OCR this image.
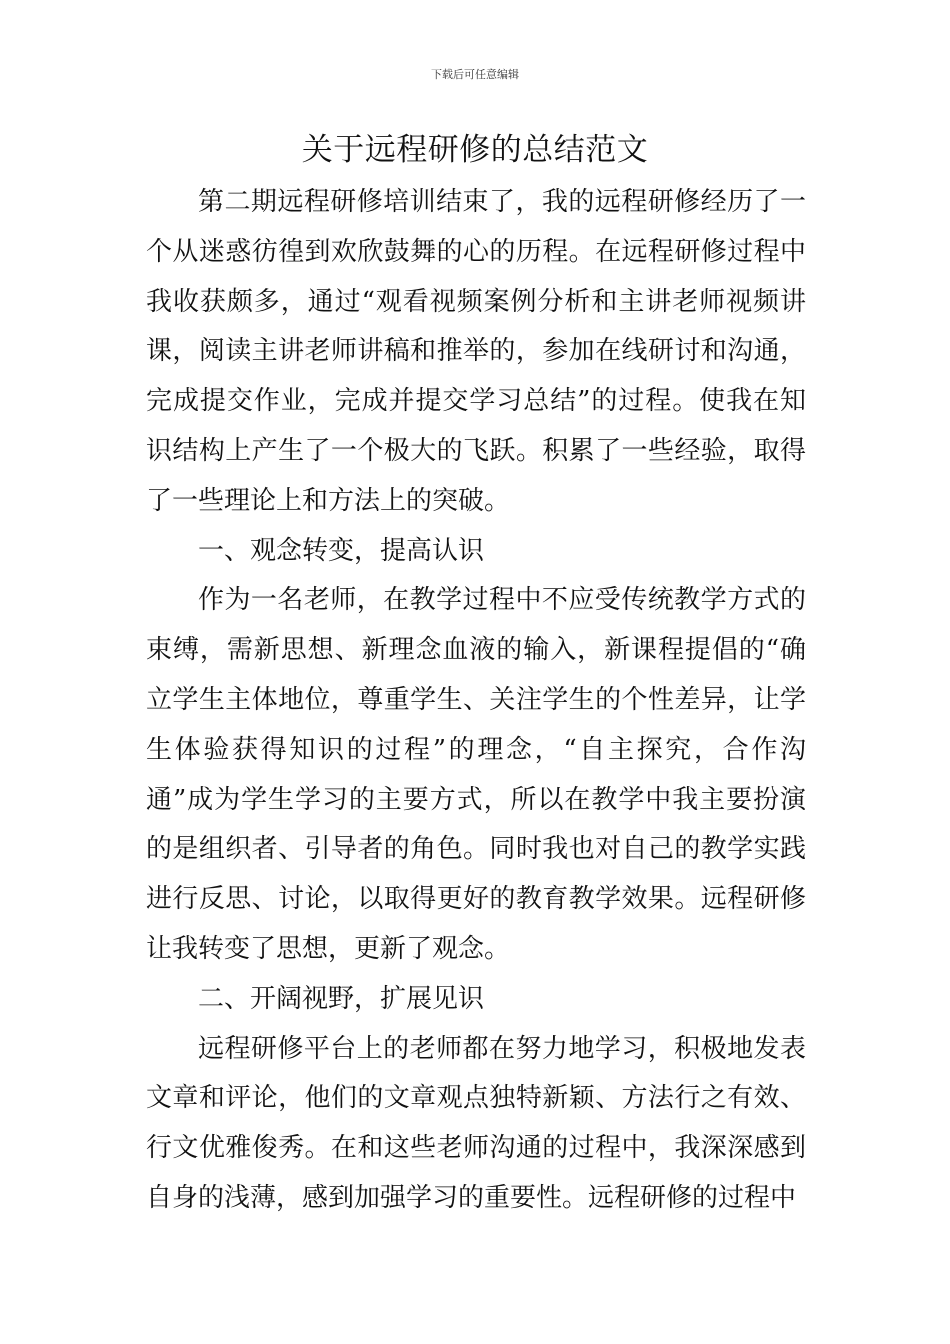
下载后可任意编辑
关于远程研修的总结范文

第二期远程研修培训结束了，我的远程研修经历了一个从迷惑彷徨到欢欣鼓舞的心的历程。在远程研修过程中我收获颇多，通过“观看视频案例分析和主讲老师视频讲课，阅读主讲老师讲稿和推举的，参加在线研讨和沟通，完成提交作业，完成并提交学习总结”的过程。使我在知识结构上产生了一个极大的飞跃。积累了一些经验，取得了一些理论上和方法上的突破。

一、观念转变，提高认识

作为一名老师，在教学过程中不应受传统教学方式的束缚，需新思想、新理念血液的输入，新课程提倡的“确立学生主体地位，尊重学生、关注学生的个性差异，让学生体验获得知识的过程”的理念，“自主探究，合作沟通”成为学生学习的主要方式，所以在教学中我主要扮演的是组织者、引导者的角色。同时我也对自己的教学实践进行反思、讨论，以取得更好的教育教学效果。远程研修让我转变了思想，更新了观念。

二、开阔视野，扩展见识

远程研修平台上的老师都在努力地学习，积极地发表文章和评论，他们的文章观点独特新颖、方法行之有效、行文优雅俊秀。在和这些老师沟通的过程中，我深深感到自身的浅薄，感到加强学习的重要性。远程研修的过程中
